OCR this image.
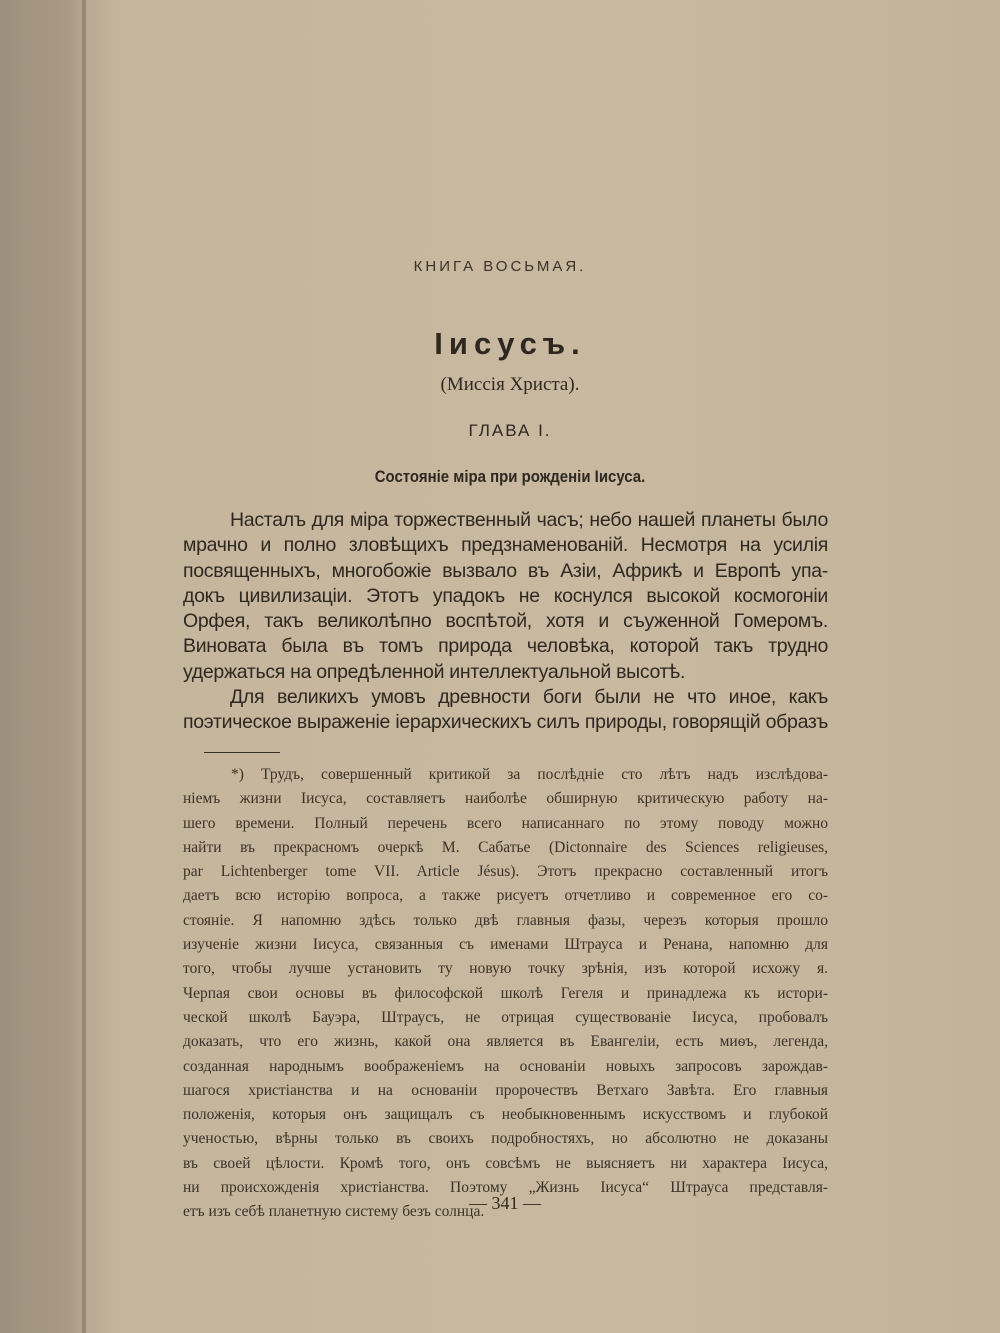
КНИГА ВОСЬМАЯ.
Іисусъ.
(Миссія Христа).
ГЛАВА I.
Состояніе міра при рожденіи Іисуса.
Насталъ для міра торжественный часъ; небо нашей планеты было
мрачно и полно зловѣщихъ предзнаменованій. Несмотря на усилія
посвященныхъ, многобожіе вызвало въ Азіи, Африкѣ и Европѣ упа-
докъ цивилизаціи. Этотъ упадокъ не коснулся высокой космогоніи
Орфея, такъ великолѣпно воспѣтой, хотя и съуженной Гомеромъ.
Виновата была въ томъ природа человѣка, которой такъ трудно
удержаться на опредѣленной интеллектуальной высотѣ.
Для великихъ умовъ древности боги были не что иное, какъ
поэтическое выраженіе іерархическихъ силъ природы, говорящій образъ
*) Трудъ, совершенный критикой за послѣдніе сто лѣтъ надъ изслѣдова-
ніемъ жизни Іисуса, составляетъ наиболѣе обширную критическую работу на-
шего времени. Полный перечень всего написаннаго по этому поводу можно
найти въ прекрасномъ очеркѣ М. Сабатье (Dictonnaire des Sciences religieuses,
par Lichtenberger tome VII. Article Jésus). Этотъ прекрасно составленный итогъ
даетъ всю исторію вопроса, а также рисуетъ отчетливо и современное его со-
стояніе. Я напомню здѣсь только двѣ главныя фазы, черезъ которыя прошло
изученіе жизни Іисуса, связанныя съ именами Штрауса и Ренана, напомню для
того, чтобы лучше установить ту новую точку зрѣнія, изъ которой исхожу я.
Черпая свои основы въ философской школѣ Гегеля и принадлежа къ истори-
ческой школѣ Бауэра, Штраусъ, не отрицая существованіе Іисуса, пробовалъ
доказать, что его жизнь, какой она является въ Евангеліи, есть миѳъ, легенда,
созданная народнымъ воображеніемъ на основаніи новыхъ запросовъ зарождав-
шагося христіанства и на основаніи пророчествъ Ветхаго Завѣта. Его главныя
положенія, которыя онъ защищалъ съ необыкновеннымъ искусствомъ и глубокой
ученостью, вѣрны только въ своихъ подробностяхъ, но абсолютно не доказаны
въ своей цѣлости. Кромѣ того, онъ совсѣмъ не выясняетъ ни характера Іисуса,
ни происхожденія христіанства. Поэтому „Жизнь Іисуса“ Штрауса представля-
етъ изъ себѣ планетную систему безъ солнца.
— 341 —
